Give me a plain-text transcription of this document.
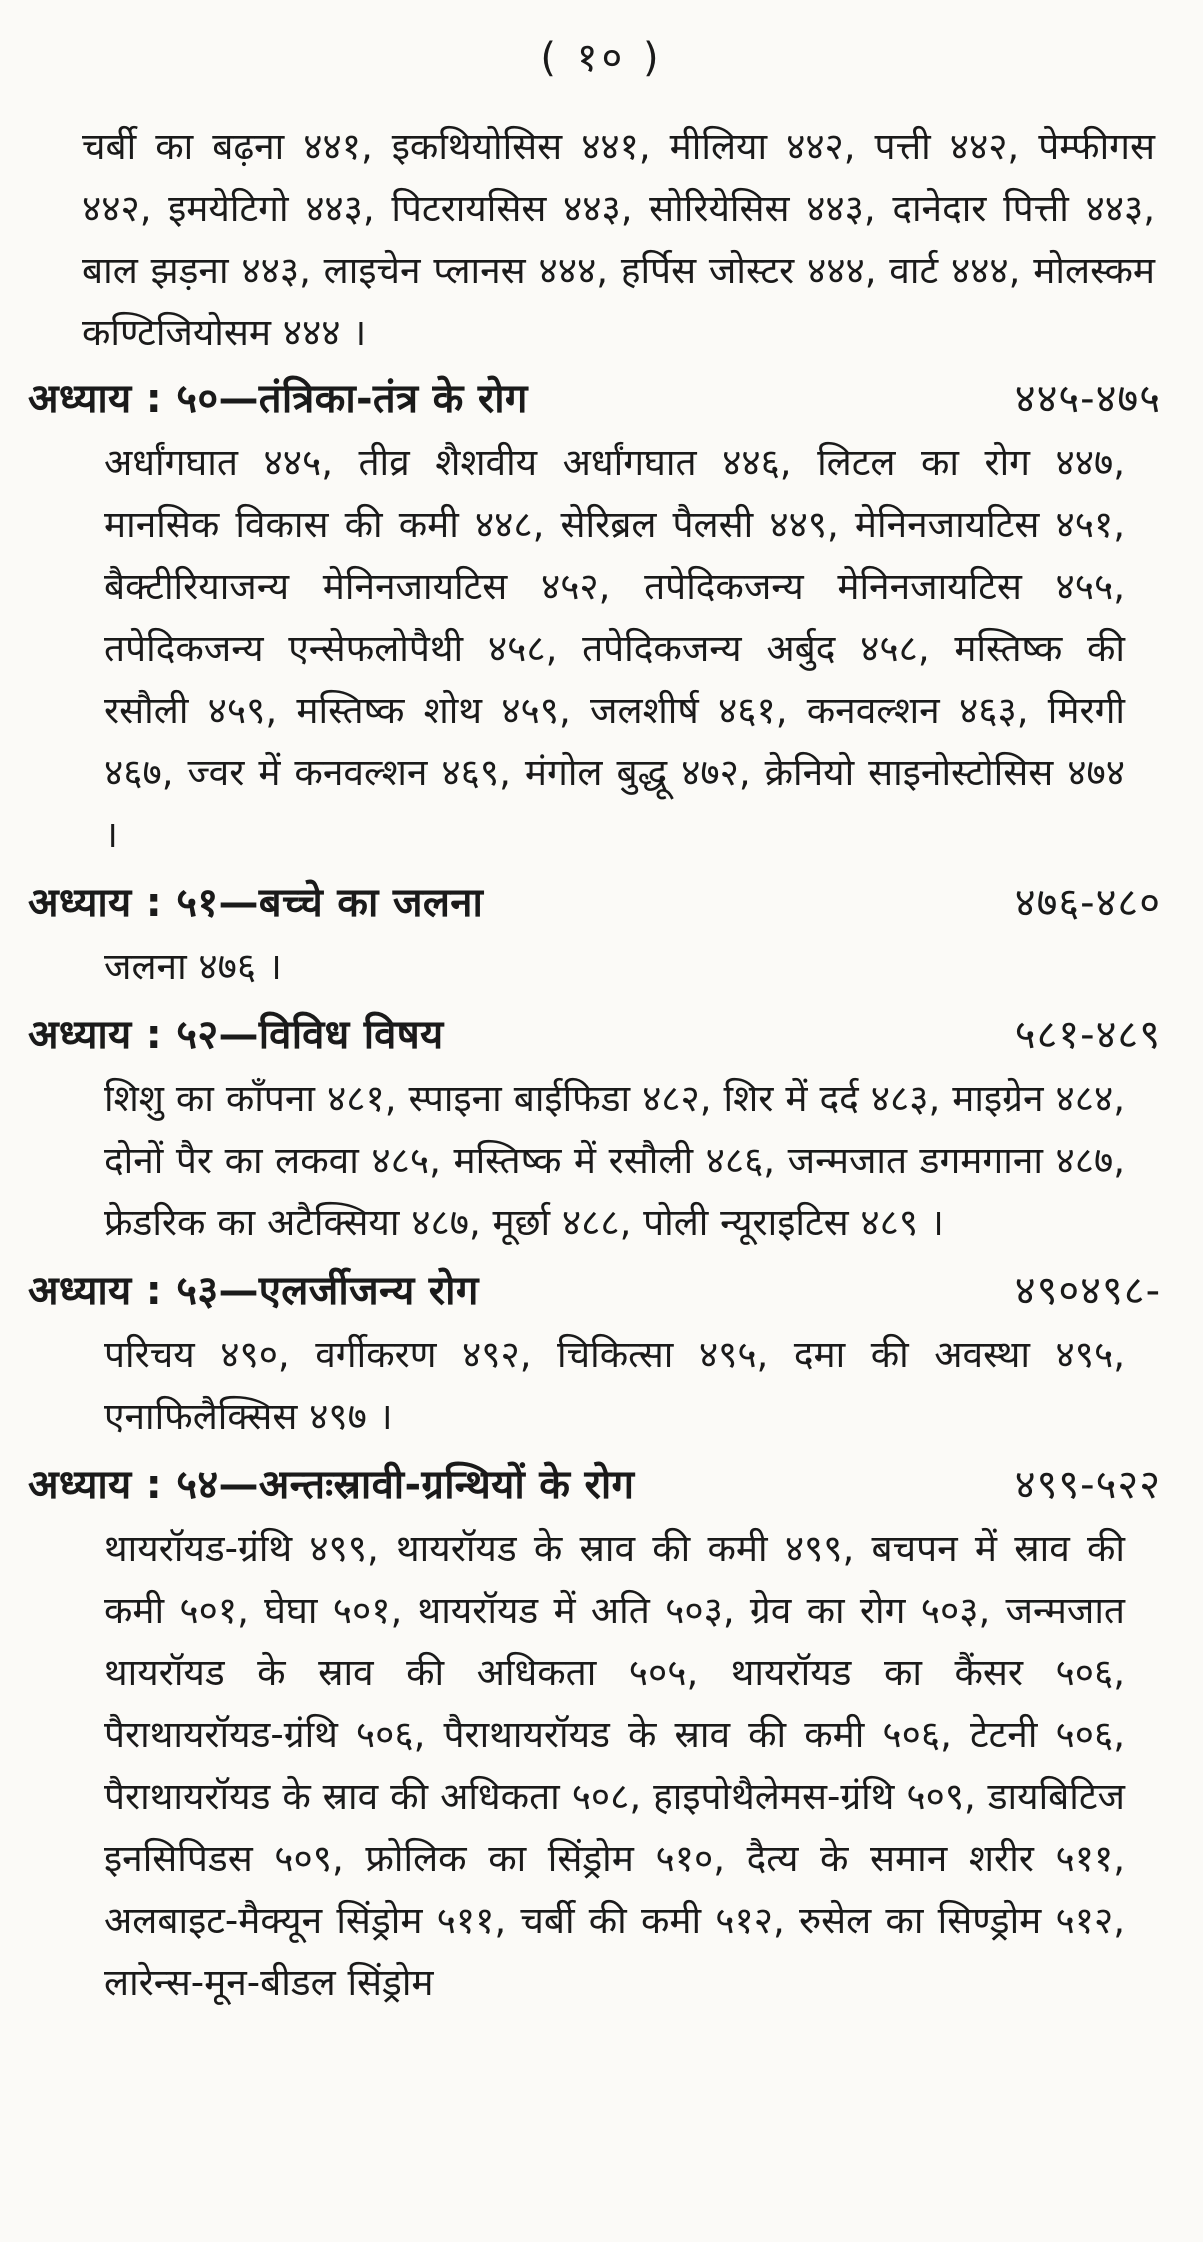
( १० )
चर्बी का बढ़ना ४४१, इकथियोसिस ४४१, मीलिया ४४२, पत्ती ४४२, पेम्फीगस ४४२, इमयेटिगो ४४३, पिटरायसिस ४४३, सोरियेसिस ४४३, दानेदार पित्ती ४४३, बाल झड़ना ४४३, लाइचेन प्लानस ४४४, हर्पिस जोस्टर ४४४, वार्ट ४४४, मोलस्कम कण्टिजियोसम ४४४ ।
अध्याय : ५०—तंत्रिका-तंत्र के रोग	४४५-४७५
अर्धांगघात ४४५, तीव्र शैशवीय अर्धांगघात ४४६, लिटल का रोग ४४७, मानसिक विकास की कमी ४४८, सेरिब्रल पैलसी ४४९, मेनिनजायटिस ४५१, बैक्टीरियाजन्य मेनिनजायटिस ४५२, तपेदिकजन्य मेनिनजायटिस ४५५, तपेदिकजन्य एन्सेफलोपैथी ४५८, तपेदिकजन्य अर्बुद ४५८, मस्तिष्क की रसौली ४५९, मस्तिष्क शोथ ४५९, जलशीर्ष ४६१, कनवल्शन ४६३, मिरगी ४६७, ज्वर में कनवल्शन ४६९, मंगोल बुद्धू ४७२, क्रेनियो साइनोस्टोसिस ४७४ ।
अध्याय : ५१—बच्चे का जलना	४७६-४८०
जलना ४७६ ।
अध्याय : ५२—विविध विषय	५८१-४८९
शिशु का काँपना ४८१, स्पाइना बाईफिडा ४८२, शिर में दर्द ४८३, माइग्रेन ४८४, दोनों पैर का लकवा ४८५, मस्तिष्क में रसौली ४८६, जन्मजात डगमगाना ४८७, फ्रेडरिक का अटैक्सिया ४८७, मूर्छा ४८८, पोली न्यूराइटिस ४८९ ।
अध्याय : ५३—एलर्जीजन्य रोग	४९०४९८-
परिचय ४९०, वर्गीकरण ४९२, चिकित्सा ४९५, दमा की अवस्था ४९५, एनाफिलैक्सिस ४९७ ।
अध्याय : ५४—अन्तःस्रावी-ग्रन्थियों के रोग	४९९-५२२
थायरॉयड-ग्रंथि ४९९, थायरॉयड के स्राव की कमी ४९९, बचपन में स्राव की कमी ५०१, घेघा ५०१, थायरॉयड में अति ५०३, ग्रेव का रोग ५०३, जन्मजात थायरॉयड के स्राव की अधिकता ५०५, थायरॉयड का कैंसर ५०६, पैराथायरॉयड-ग्रंथि ५०६, पैराथायरॉयड के स्राव की कमी ५०६, टेटनी ५०६, पैराथायरॉयड के स्राव की अधिकता ५०८, हाइपोथैलेमस-ग्रंथि ५०९, डायबिटिज इनसिपिडस ५०९, फ्रोलिक का सिंड्रोम ५१०, दैत्य के समान शरीर ५११, अलबाइट-मैक्यून सिंड्रोम ५११, चर्बी की कमी ५१२, रुसेल का सिण्ड्रोम ५१२, लारेन्स-मून-बीडल सिंड्रोम
